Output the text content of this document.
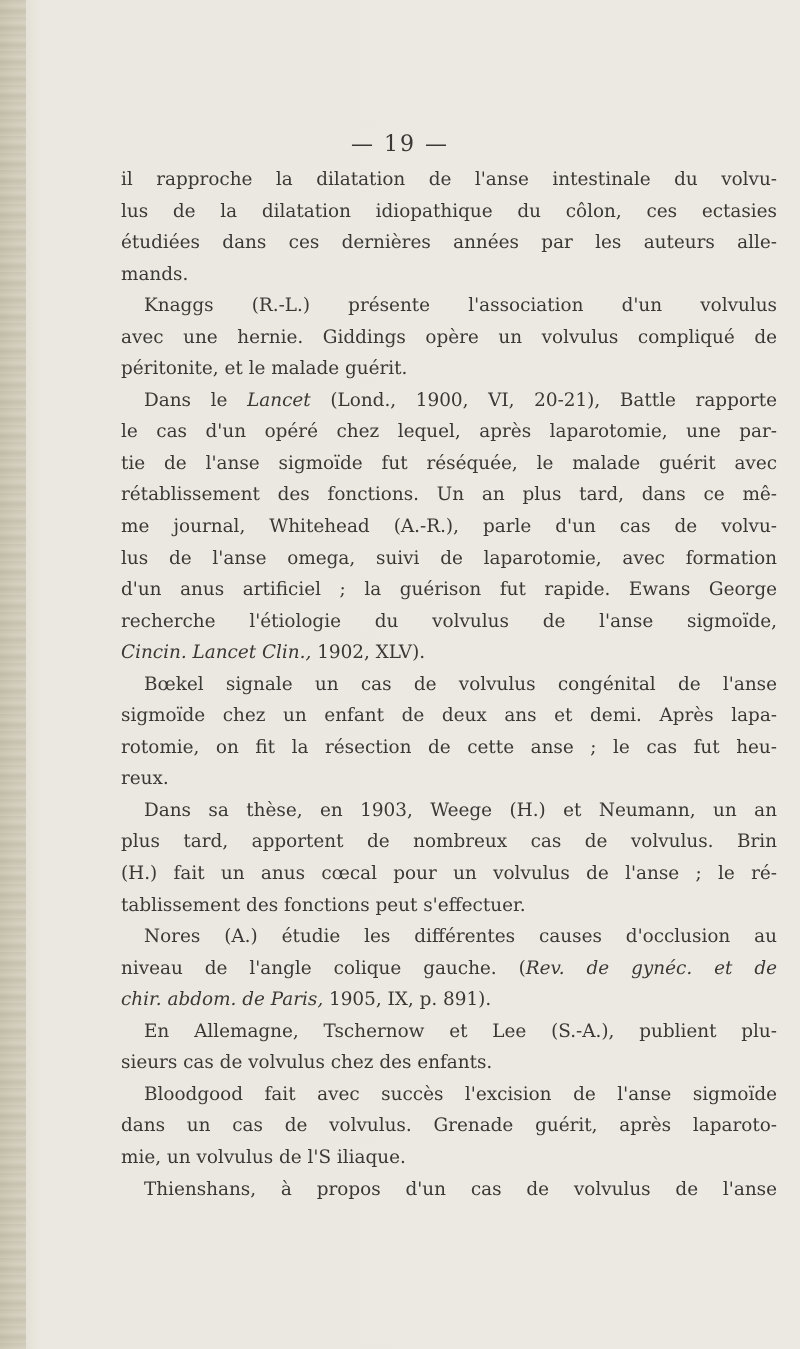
— 19 —
il rapproche la dilatation de l'anse intestinale du volvu-
lus de la dilatation idiopathique du côlon, ces ectasies
étudiées dans ces dernières années par les auteurs alle-
mands.
Knaggs (R.-L.) présente l'association d'un volvulus
avec une hernie. Giddings opère un volvulus compliqué de
péritonite, et le malade guérit.
Dans le Lancet (Lond., 1900, VI, 20-21), Battle rapporte
le cas d'un opéré chez lequel, après laparotomie, une par-
tie de l'anse sigmoïde fut réséquée, le malade guérit avec
rétablissement des fonctions. Un an plus tard, dans ce mê-
me journal, Whitehead (A.-R.), parle d'un cas de volvu-
lus de l'anse omega, suivi de laparotomie, avec formation
d'un anus artificiel ; la guérison fut rapide. Ewans George
recherche l'étiologie du volvulus de l'anse sigmoïde,
Cincin. Lancet Clin., 1902, XLV).
Bœkel signale un cas de volvulus congénital de l'anse
sigmoïde chez un enfant de deux ans et demi. Après lapa-
rotomie, on fit la résection de cette anse ; le cas fut heu-
reux.
Dans sa thèse, en 1903, Weege (H.) et Neumann, un an
plus tard, apportent de nombreux cas de volvulus. Brin
(H.) fait un anus cœcal pour un volvulus de l'anse ; le ré-
tablissement des fonctions peut s'effectuer.
Nores (A.) étudie les différentes causes d'occlusion au
niveau de l'angle colique gauche. (Rev. de gynéc. et de
chir. abdom. de Paris, 1905, IX, p. 891).
En Allemagne, Tschernow et Lee (S.-A.), publient plu-
sieurs cas de volvulus chez des enfants.
Bloodgood fait avec succès l'excision de l'anse sigmoïde
dans un cas de volvulus. Grenade guérit, après laparoto-
mie, un volvulus de l'S iliaque.
Thienshans, à propos d'un cas de volvulus de l'anse
